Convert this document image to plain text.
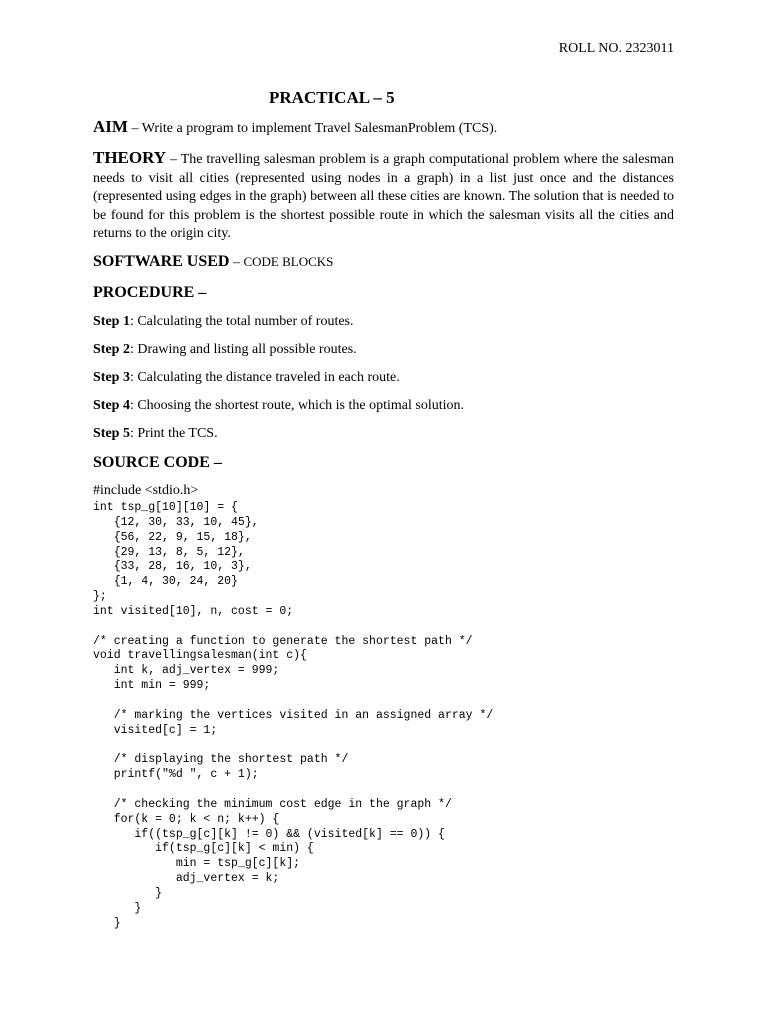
ROLL NO. 2323011
PRACTICAL – 5
AIM – Write a program to implement Travel SalesmanProblem (TCS).
THEORY – The travelling salesman problem is a graph computational problem where the salesman needs to visit all cities (represented using nodes in a graph) in a list just once and the distances (represented using edges in the graph) between all these cities are known. The solution that is needed to be found for this problem is the shortest possible route in which the salesman visits all the cities and returns to the origin city.
SOFTWARE USED – CODE BLOCKS
PROCEDURE –
Step 1: Calculating the total number of routes.
Step 2: Drawing and listing all possible routes.
Step 3: Calculating the distance traveled in each route.
Step 4: Choosing the shortest route, which is the optimal solution.
Step 5: Print the TCS.
SOURCE CODE –
#include <stdio.h>
int tsp_g[10][10] = {
{12, 30, 33, 10, 45},
{56, 22, 9, 15, 18},
{29, 13, 8, 5, 12},
{33, 28, 16, 10, 3},
{1, 4, 30, 24, 20}
};
int visited[10], n, cost = 0;

/* creating a function to generate the shortest path */
void travellingsalesman(int c){
int k, adj_vertex = 999;
int min = 999;

/* marking the vertices visited in an assigned array */
visited[c] = 1;

/* displaying the shortest path */
printf("%d ", c + 1);

/* checking the minimum cost edge in the graph */
for(k = 0; k < n; k++) {
if((tsp_g[c][k] != 0) && (visited[k] == 0)) {
if(tsp_g[c][k] < min) {
min = tsp_g[c][k];
adj_vertex = k;
}
}
}
